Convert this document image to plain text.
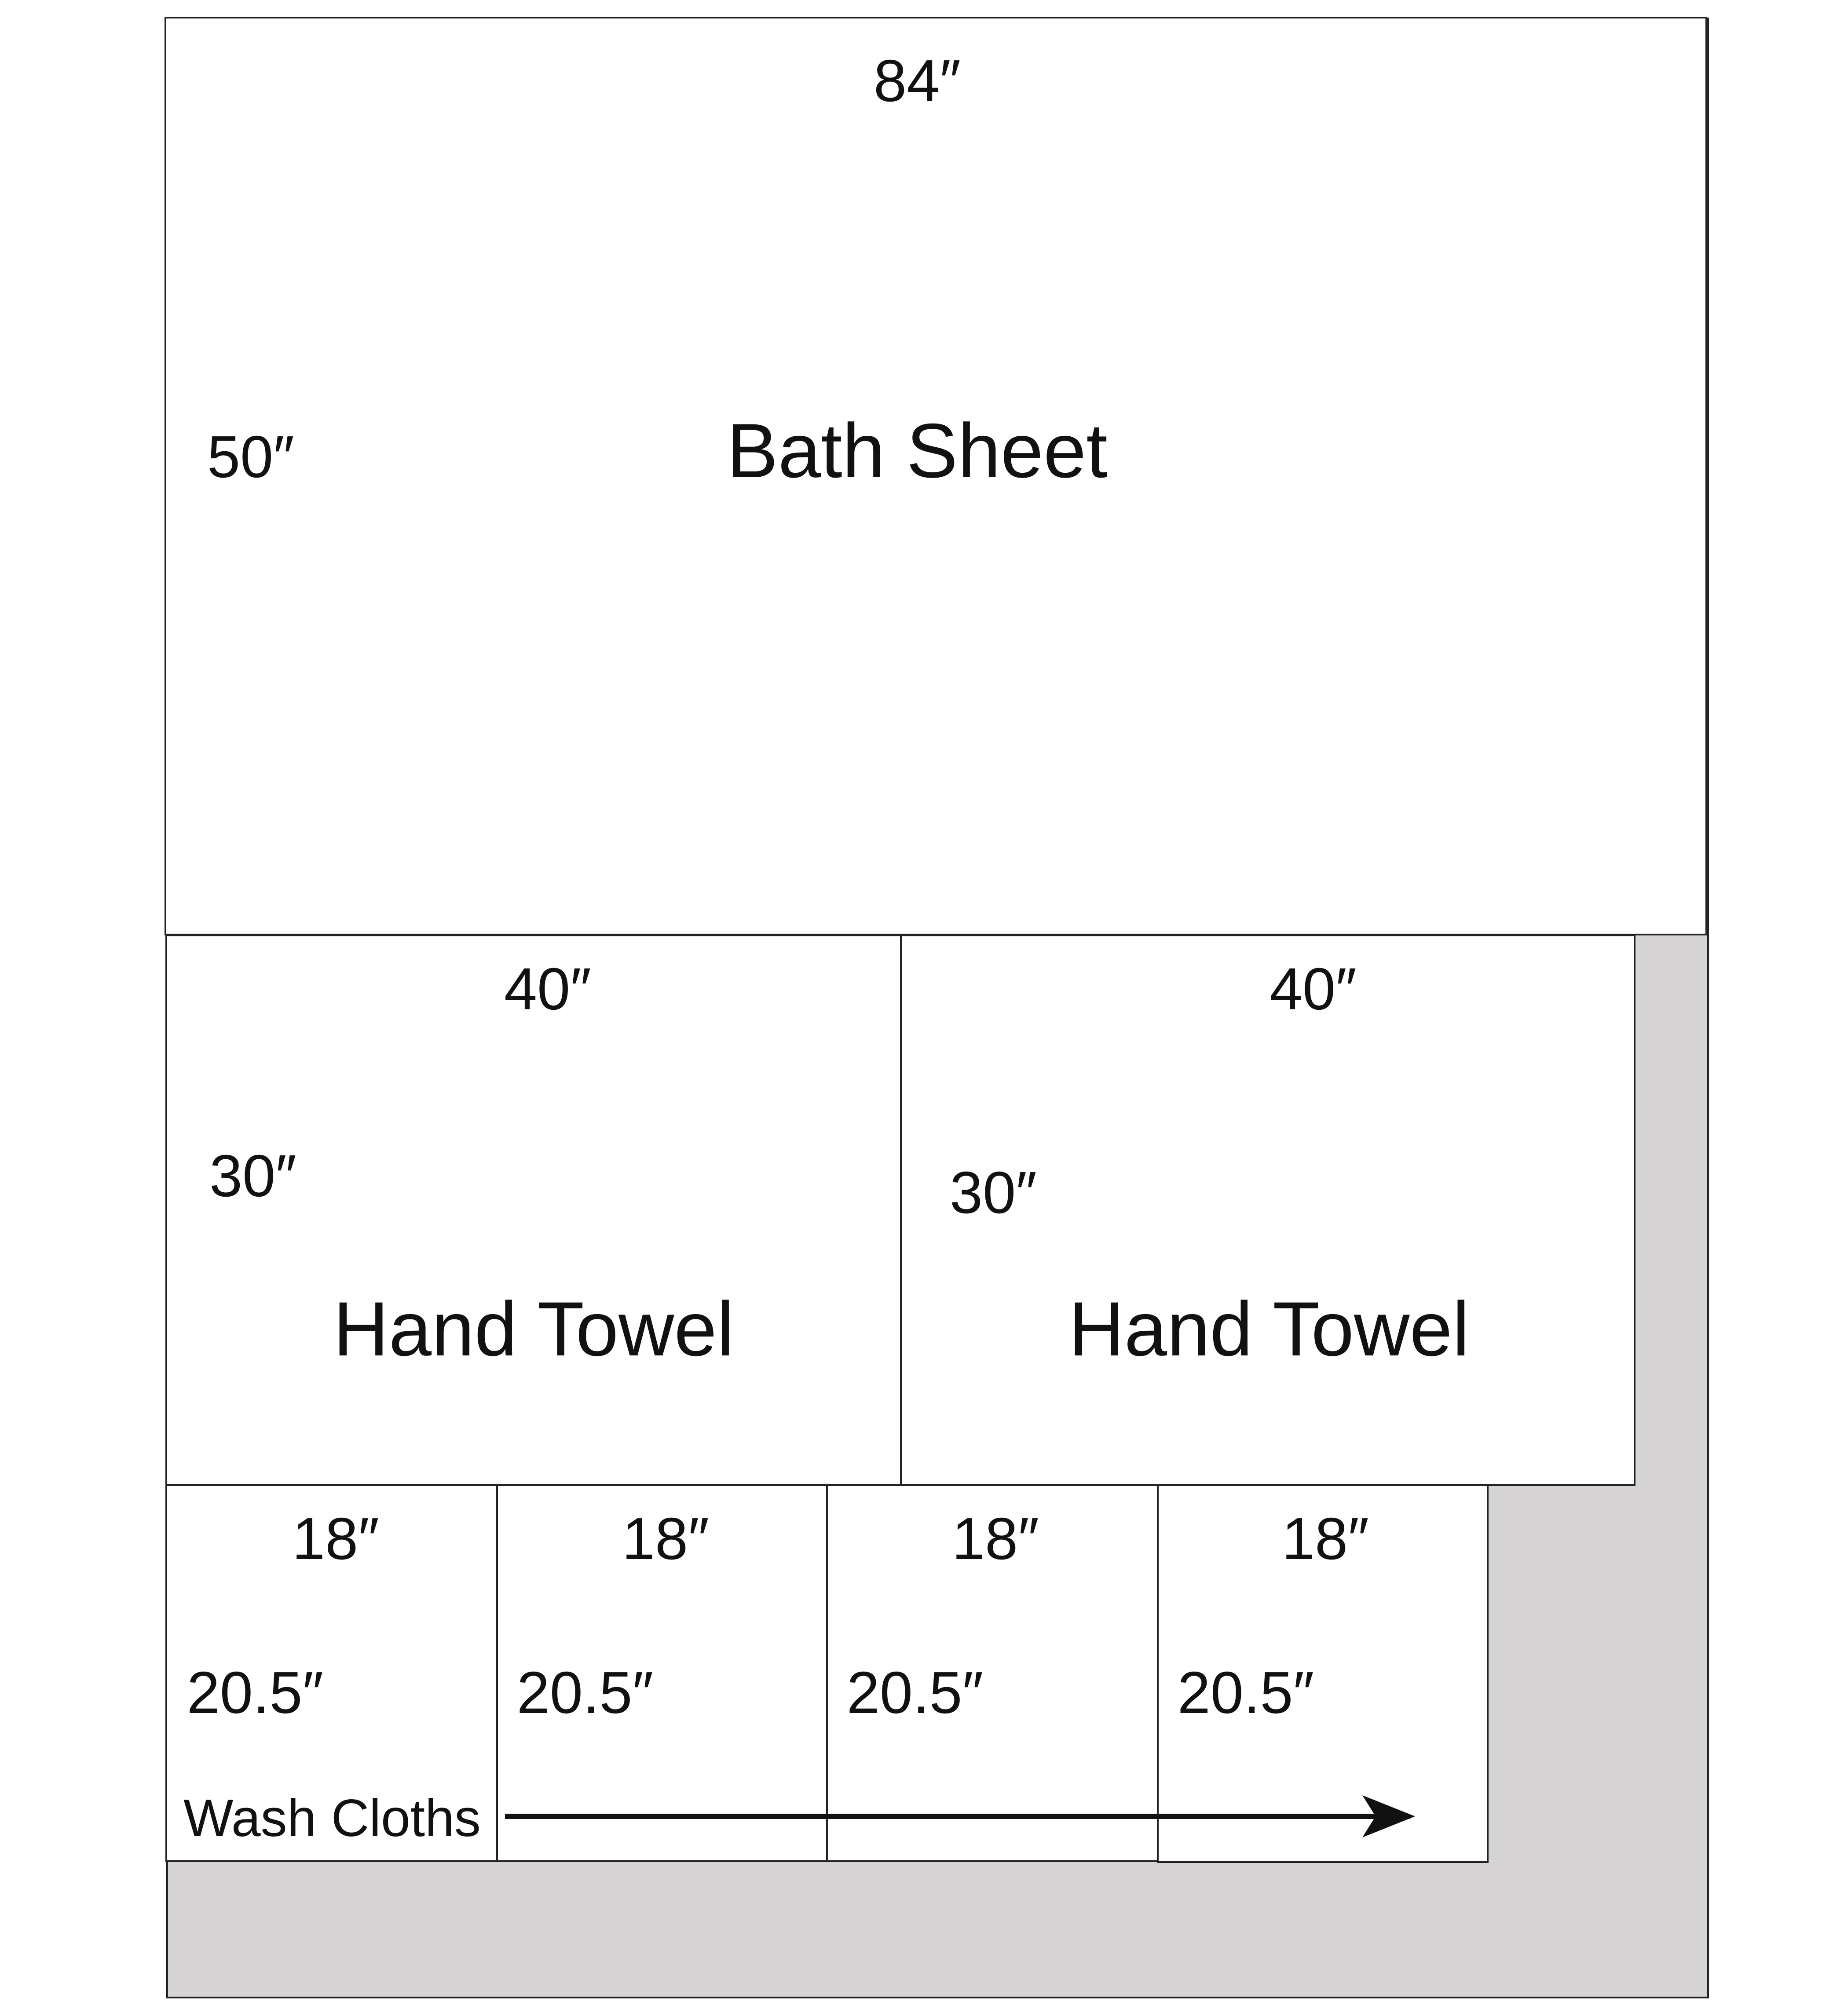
84″
50″	Bath Sheet
40″
30″
Hand Towel
40″
30″
Hand Towel
18″
20.5″
18″
20.5″
18″
20.5″
18″
20.5″
Wash Cloths
